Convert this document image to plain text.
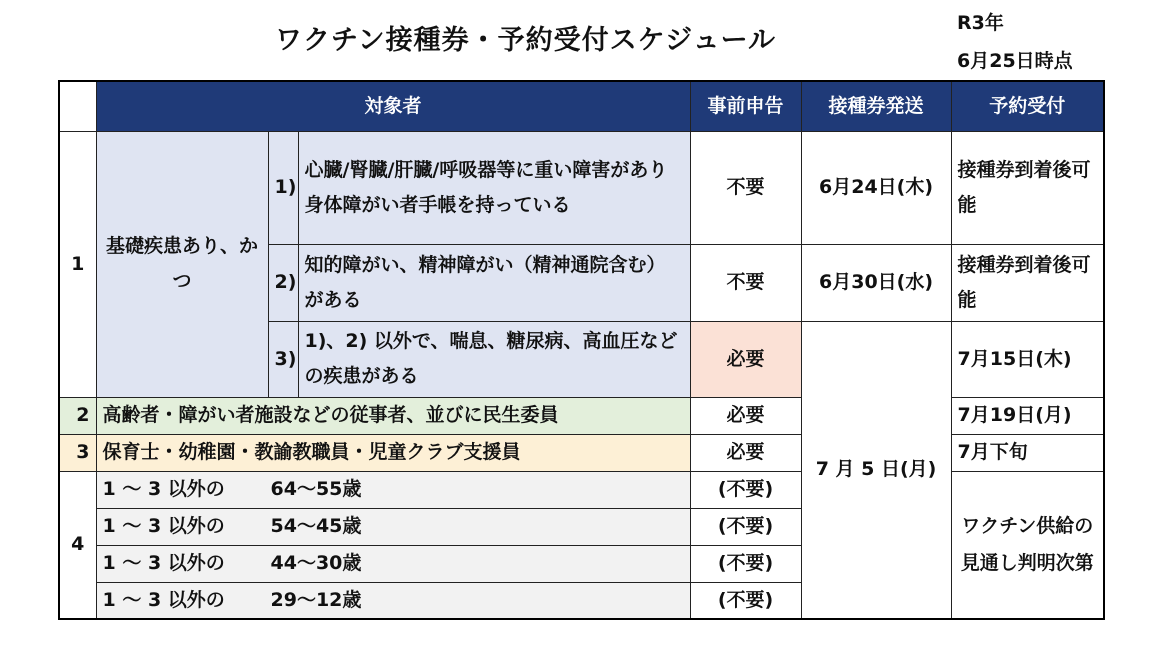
ワクチン接種券・予約受付スケジュール
R3年
6月25日時点
	対象者			事前申告	接種券発送	予約受付
1	基礎疾患あり、かつ	1)	心臓/腎臓/肝臓/呼吸器等に重い障害があり身体障がい者手帳を持っている	不要	6月24日(木)	接種券到着後可能
		2)	知的障がい、精神障がい（精神通院含む）がある	不要	6月30日(水)	接種券到着後可能
		3)	1)、2) 以外で、喘息、糖尿病、高血圧などの疾患がある	必要	7 月 5 日(月)	7月15日(木)
2	高齢者・障がい者施設などの従事者、並びに民生委員			必要		7月19日(月)
3	保育士・幼稚園・教諭教職員・児童クラブ支援員			必要		7月下旬
4	1 ～ 3 以外の 64～55歳			(不要)		ワクチン供給の見通し判明次第
	1 ～ 3 以外の 54～45歳			(不要)		
	1 ～ 3 以外の 44～30歳			(不要)		
	1 ～ 3 以外の 29～12歳			(不要)		
